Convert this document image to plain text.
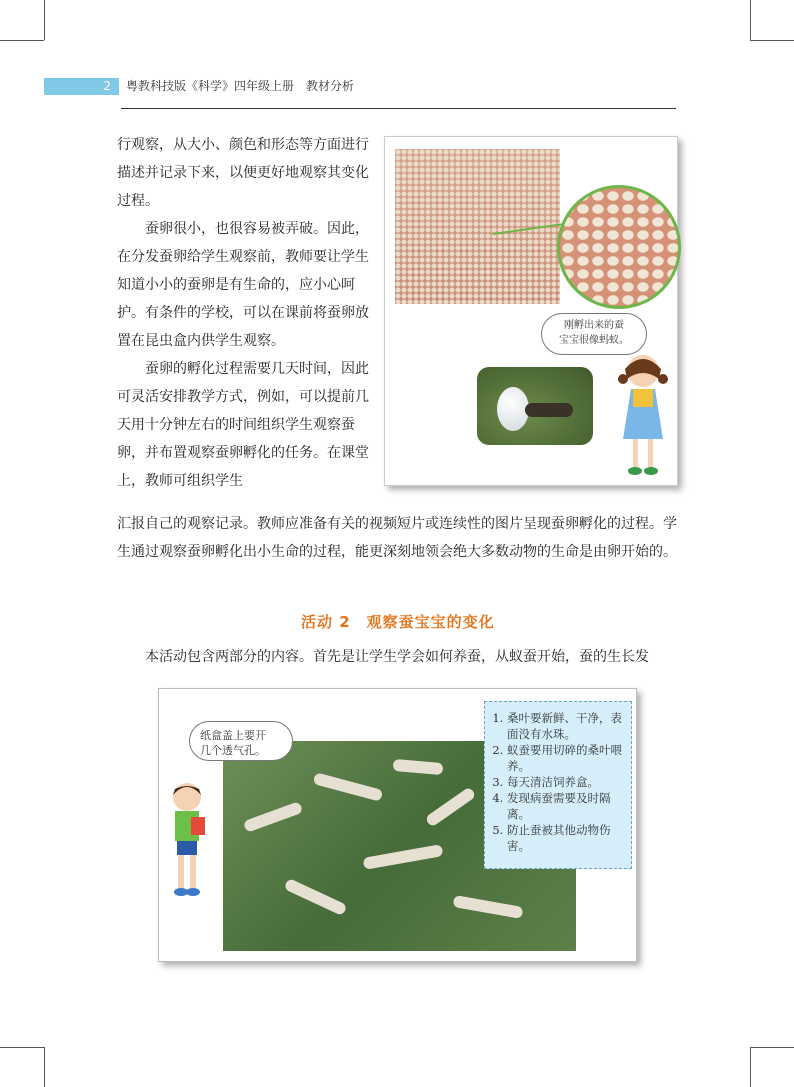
2	粤教科技版《科学》四年级上册　教材分析

行观察，从大小、颜色和形态等方面进行描述并记录下来，以便更好地观察其变化过程。

蚕卵很小，也很容易被弄破。因此，在分发蚕卵给学生观察前，教师要让学生知道小小的蚕卵是有生命的，应小心呵护。有条件的学校，可以在课前将蚕卵放置在昆虫盒内供学生观察。

蚕卵的孵化过程需要几天时间，因此可灵活安排教学方式，例如，可以提前几天用十分钟左右的时间组织学生观察蚕卵，并布置观察蚕卵孵化的任务。在课堂上，教师可组织学生

汇报自己的观察记录。教师应准备有关的视频短片或连续性的图片呈现蚕卵孵化的过程。学生通过观察蚕卵孵化出小生命的过程，能更深刻地领会绝大多数动物的生命是由卵开始的。

刚孵出来的蚕
宝宝很像蚂蚁。
活动 2　观察蚕宝宝的变化
本活动包含两部分的内容。首先是让学生学会如何养蚕，从蚁蚕开始，蚕的生长发
纸盒盖上要开
几个透气孔。
1. 桑叶要新鲜、干净，表面没有水珠。
2. 蚁蚕要用切碎的桑叶喂养。
3. 每天清洁饲养盒。
4. 发现病蚕需要及时隔离。
5. 防止蚕被其他动物伤害。
